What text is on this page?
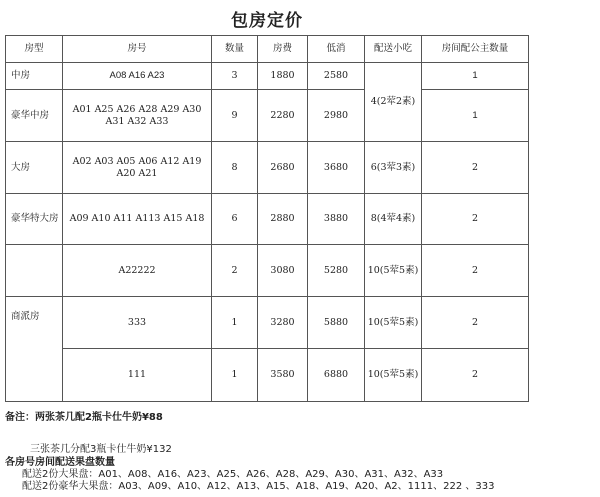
包房定价
房型	房号	数量	房费	低消	配送小吃	房间配公主数量
中房	A08 A16 A23	3	1880	2580	4(2荤2素)	1
豪华中房	A01 A25 A26 A28 A29 A30 A31 A32 A33	9	2280	2980		1
大房	A02 A03 A05 A06 A12 A19 A20 A21	8	2680	3680	6(3荤3素)	2
豪华特大房	A09 A10 A11 A113 A15 A18	6	2880	3880	8(4荤4素)	2
	A22222	2	3080	5280	10(5荤5素)	2
商派房	333	1	3280	5880	10(5荤5素)	2
	111	1	3580	6880	10(5荤5素)	2
备注：两张茶几配2瓶卡仕牛奶¥88
三张茶几分配3瓶卡仕牛奶¥132
各房号房间配送果盘数量
配送2份大果盘：A01、A08、A16、A23、A25、A26、A28、A29、A30、A31、A32、A33
配送2份豪华大果盘：A03、A09、A10、A12、A13、A15、A18、A19、A20、A2、1111、222 、333
